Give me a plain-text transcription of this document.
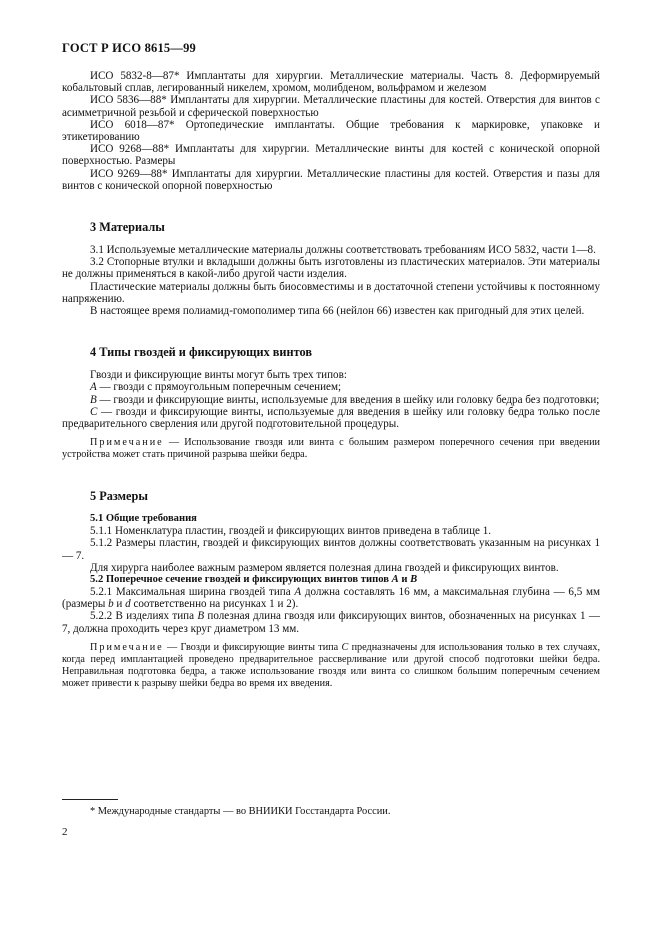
ГОСТ Р ИСО 8615—99

ИСО 5832-8—87* Имплантаты для хирургии. Металлические материалы. Часть 8. Деформируемый кобальтовый сплав, легированный никелем, хромом, молибденом, вольфрамом и железом

ИСО 5836—88* Имплантаты для хирургии. Металлические пластины для костей. Отверстия для винтов с асимметричной резьбой и сферической поверхностью

ИСО 6018—87* Ортопедические имплантаты. Общие требования к маркировке, упаковке и этикетированию

ИСО 9268—88* Имплантаты для хирургии. Металлические винты для костей с конической опорной поверхностью. Размеры

ИСО 9269—88* Имплантаты для хирургии. Металлические пластины для костей. Отверстия и пазы для винтов с конической опорной поверхностью

3 Материалы

3.1 Используемые металлические материалы должны соответствовать требованиям ИСО 5832, части 1—8.

3.2 Стопорные втулки и вкладыши должны быть изготовлены из пластических материалов. Эти материалы не должны применяться в какой-либо другой части изделия.

Пластические материалы должны быть биосовместимы и в достаточной степени устойчивы к постоянному напряжению.

В настоящее время полиамид-гомополимер типа 66 (нейлон 66) известен как пригодный для этих целей.

4 Типы гвоздей и фиксирующих винтов

Гвозди и фиксирующие винты могут быть трех типов:

А — гвозди с прямоугольным поперечным сечением;

В — гвозди и фиксирующие винты, используемые для введения в шейку или головку бедра без подготовки;

С — гвозди и фиксирующие винты, используемые для введения в шейку или головку бедра только после предварительного сверления или другой подготовительной процедуры.

Примечание — Использование гвоздя или винта с большим размером поперечного сечения при введении устройства может стать причиной разрыва шейки бедра.

5 Размеры
5.1 Общие требования

5.1.1 Номенклатура пластин, гвоздей и фиксирующих винтов приведена в таблице 1.

5.1.2 Размеры пластин, гвоздей и фиксирующих винтов должны соответствовать указанным на рисунках 1 — 7.

Для хирурга наиболее важным размером является полезная длина гвоздей и фиксирующих винтов.

5.2 Поперечное сечение гвоздей и фиксирующих винтов типов А и В

5.2.1 Максимальная ширина гвоздей типа А должна составлять 16 мм, а максимальная глубина — 6,5 мм (размеры b и d соответственно на рисунках 1 и 2).

5.2.2 В изделиях типа В полезная длина гвоздя или фиксирующих винтов, обозначенных на рисунках 1 — 7, должна проходить через круг диаметром 13 мм.

Примечание — Гвозди и фиксирующие винты типа С предназначены для использования только в тех случаях, когда перед имплантацией проведено предварительное рассверливание или другой способ подготовки шейки бедра. Неправильная подготовка бедра, а также использование гвоздя или винта со слишком большим поперечным сечением может привести к разрыву шейки бедра во время их введения.

* Международные стандарты — во ВНИИКИ Госстандарта России.
2
